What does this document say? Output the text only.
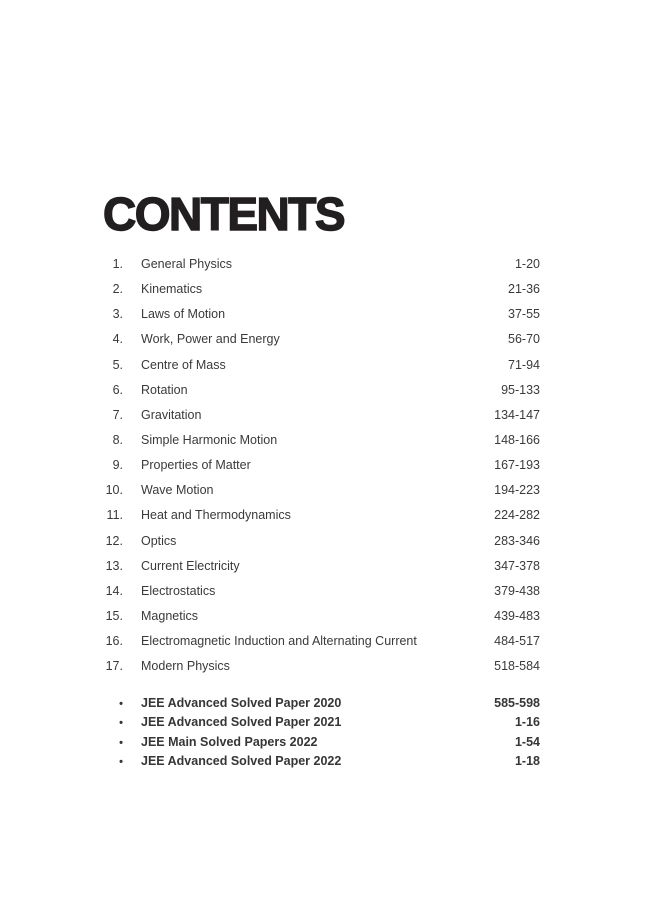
CONTENTS
1. General Physics	1-20
2. Kinematics	21-36
3. Laws of Motion	37-55
4. Work, Power and Energy	56-70
5. Centre of Mass	71-94
6. Rotation	95-133
7. Gravitation	134-147
8. Simple Harmonic Motion	148-166
9. Properties of Matter	167-193
10. Wave Motion	194-223
11. Heat and Thermodynamics	224-282
12. Optics	283-346
13. Current Electricity	347-378
14. Electrostatics	379-438
15. Magnetics	439-483
16. Electromagnetic Induction and Alternating Current	484-517
17. Modern Physics	518-584
• JEE Advanced Solved Paper 2020	585-598
• JEE Advanced Solved Paper 2021	1-16
• JEE Main Solved Papers 2022	1-54
• JEE Advanced Solved Paper 2022	1-18
